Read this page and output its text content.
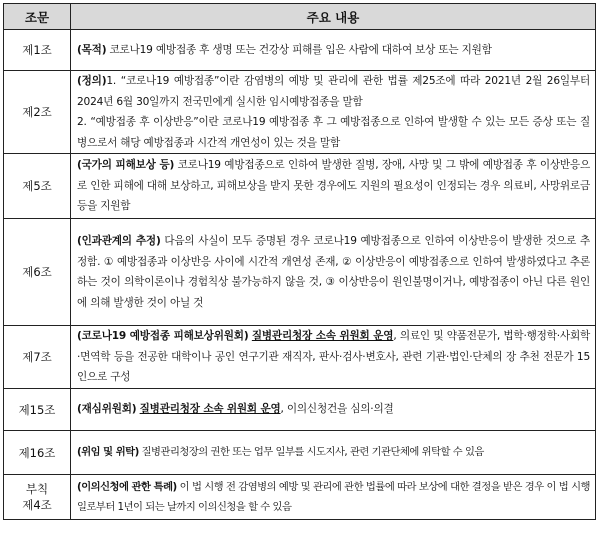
조문	주요 내용
제1조	(목적) 코로나19 예방접종 후 생명 또는 건강상 피해를 입은 사람에 대하여 보상 또는 지원함
제2조	(정의)1. “코로나19 예방접종”이란 감염병의 예방 및 관리에 관한 법률 제25조에 따라 2021년 2월 26일부터 2024년 6월 30일까지 전국민에게 실시한 임시예방접종을 말함
2. “예방접종 후 이상반응”이란 코로나19 예방접종 후 그 예방접종으로 인하여 발생할 수 있는 모든 증상 또는 질병으로서 해당 예방접종과 시간적 개연성이 있는 것을 말함
제5조	(국가의 피해보상 등) 코로나19 예방접종으로 인하여 발생한 질병, 장애, 사망 및 그 밖에 예방접종 후 이상반응으로 인한 피해에 대해 보상하고, 피해보상을 받지 못한 경우에도 지원의 필요성이 인정되는 경우 의료비, 사망위로금등을 지원함
제6조	(인과관계의 추정) 다음의 사실이 모두 증명된 경우 코로나19 예방접종으로 인하여 이상반응이 발생한 것으로 추정함. ① 예방접종과 이상반응 사이에 시간적 개연성 존재, ② 이상반응이 예방접종으로 인하여 발생하였다고 추론하는 것이 의학이론이나 경험칙상 불가능하지 않을 것, ③ 이상반응이 원인불명이거나, 예방접종이 아닌 다른 원인에 의해 발생한 것이 아닐 것
제7조	(코로나19 예방접종 피해보상위원회) 질병관리청장 소속 위원회 운영, 의료인 및 약품전문가, 법학·행정학·사회학·면역학 등을 전공한 대학이나 공인 연구기관 재직자, 판사·검사·변호사, 관련 기관·법인·단체의 장 추천 전문가 15인으로 구성
제15조	(재심위원회) 질병관리청장 소속 위원회 운영, 이의신청건을 심의·의결
제16조	(위임 및 위탁) 질병관리청장의 권한 또는 업무 일부를 시도지사, 관련 기관단체에 위탁할 수 있음
부칙
제4조	(이의신청에 관한 특례) 이 법 시행 전 감염병의 예방 및 관리에 관한 법률에 따라 보상에 대한 결정을 받은 경우 이 법 시행일로부터 1년이 되는 날까지 이의신청을 할 수 있음
